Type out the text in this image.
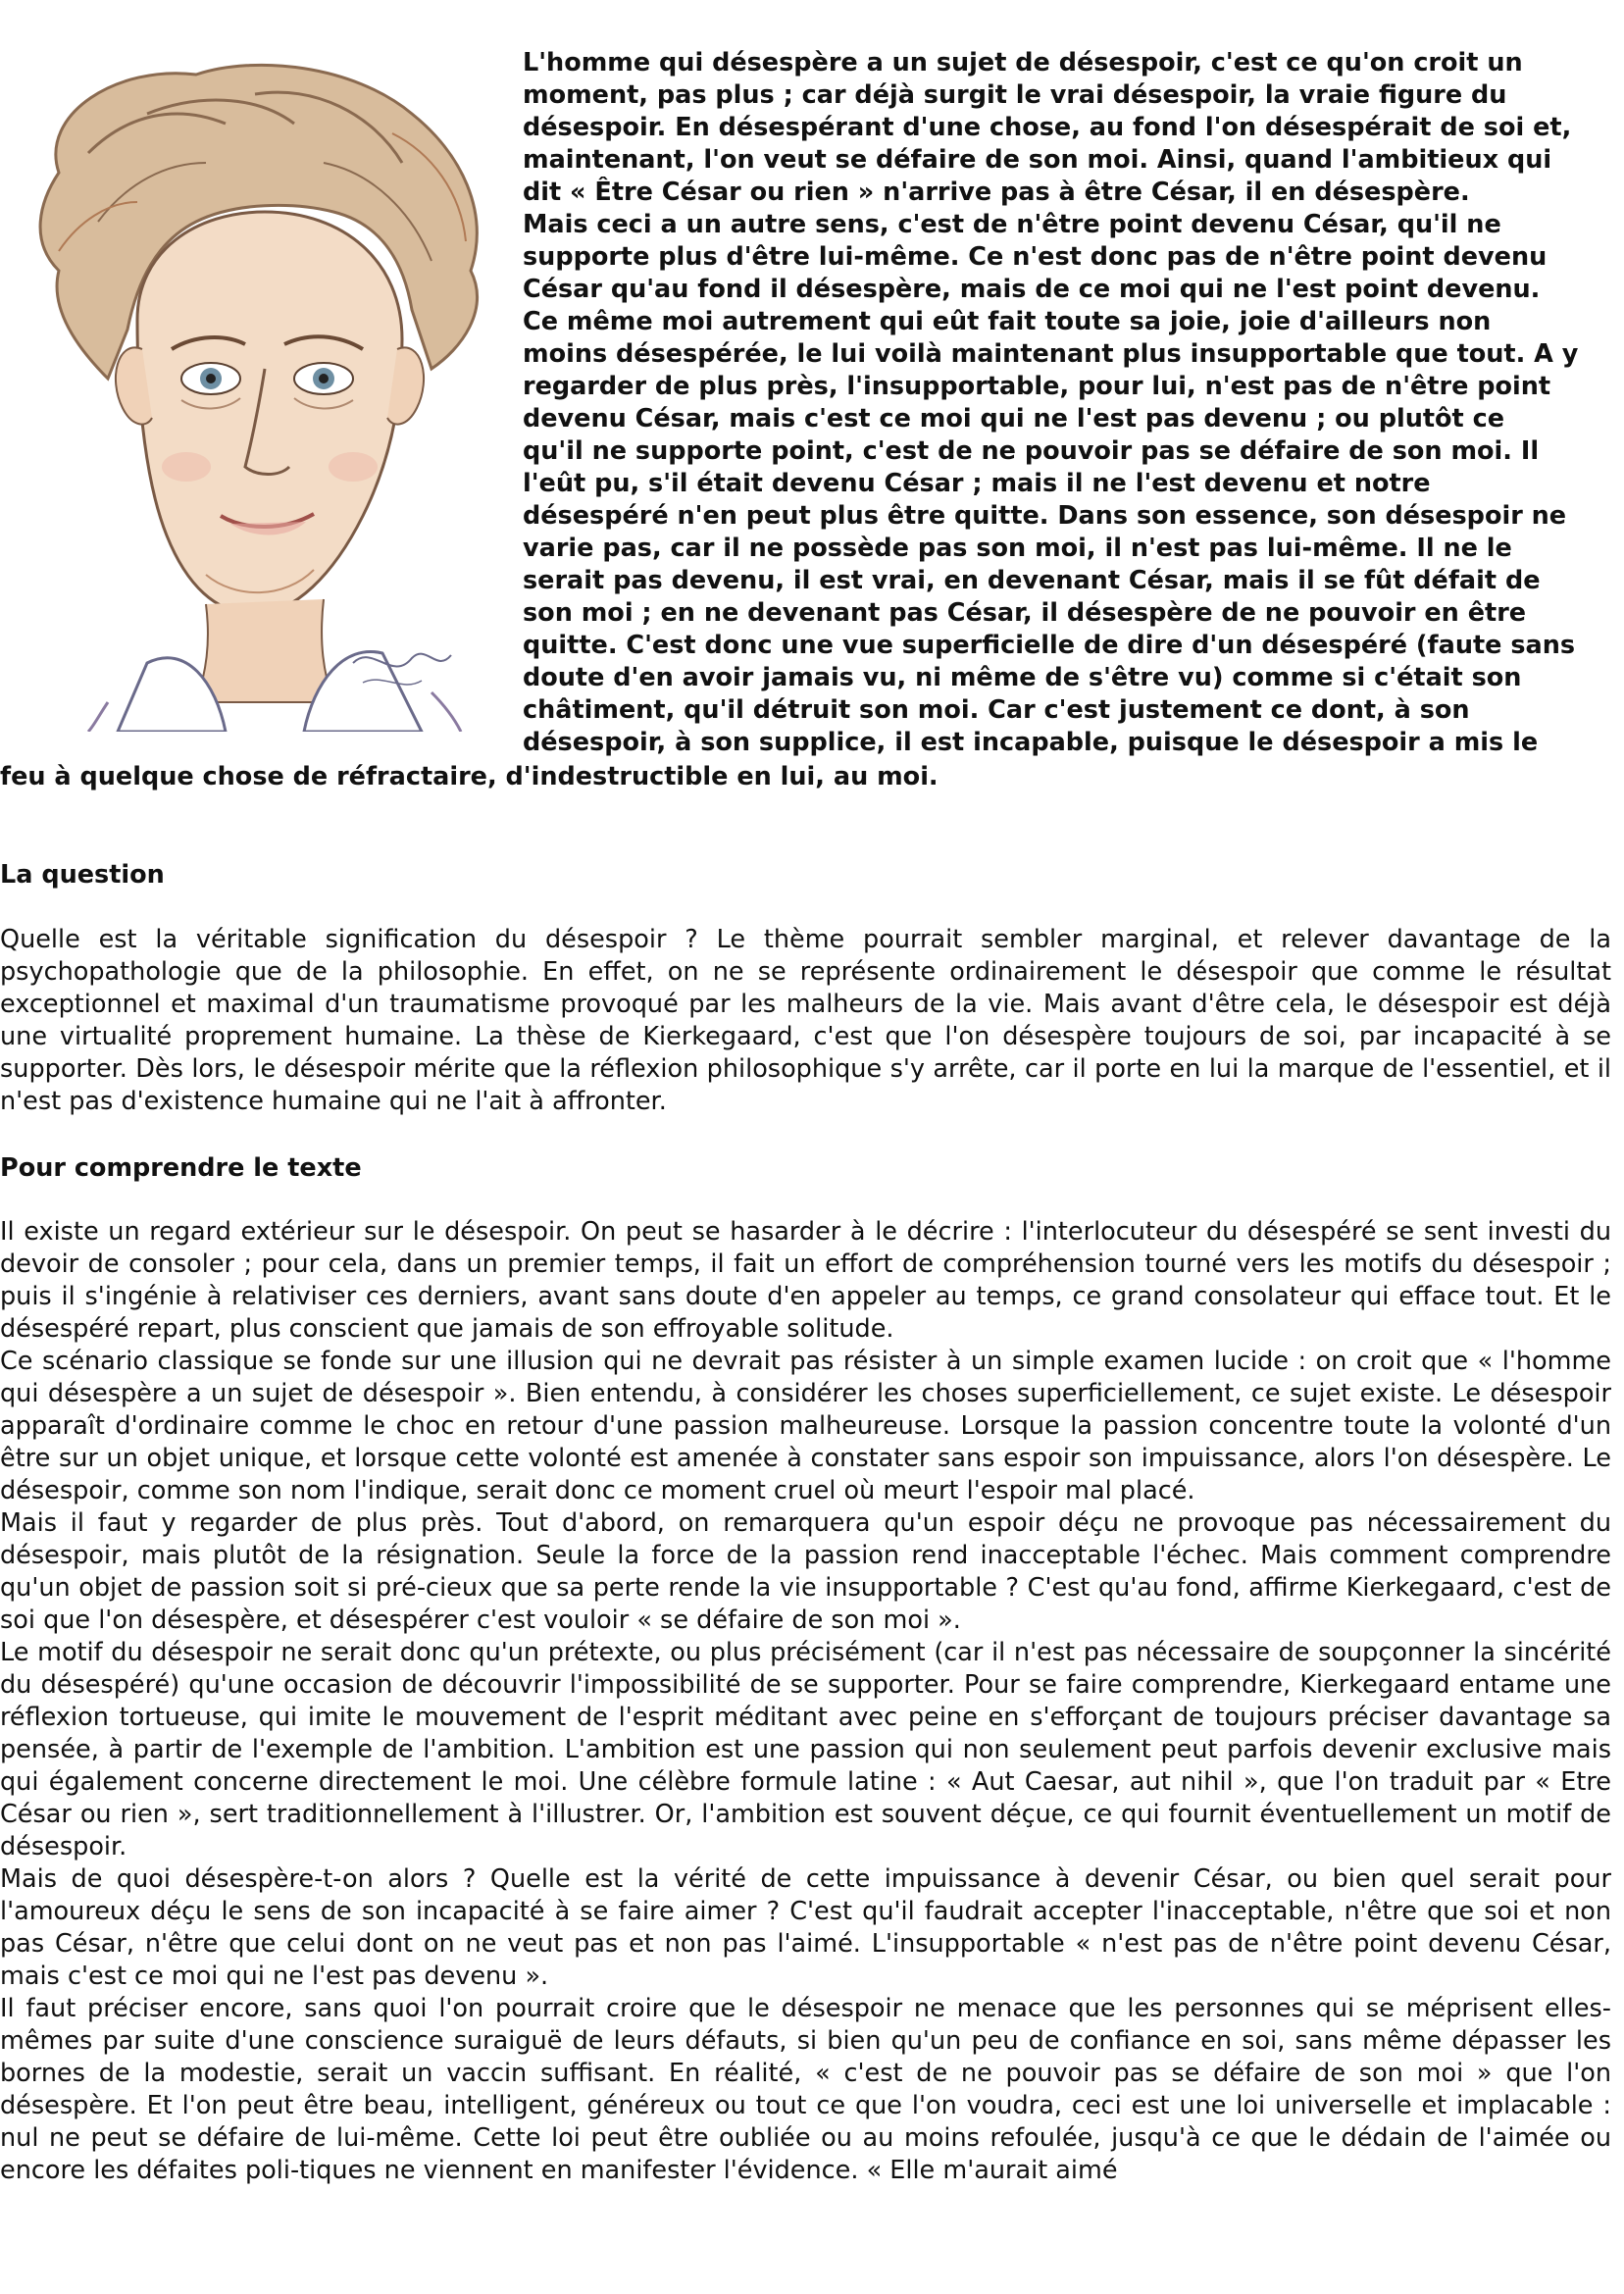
L'homme qui désespère a un sujet de désespoir, c'est ce qu'on croit un
moment, pas plus ; car déjà surgit le vrai désespoir, la vraie figure du
désespoir. En désespérant d'une chose, au fond l'on désespérait de soi et,
maintenant, l'on veut se défaire de son moi. Ainsi, quand l'ambitieux qui
dit « Être César ou rien » n'arrive pas à être César, il en désespère.
Mais ceci a un autre sens, c'est de n'être point devenu César, qu'il ne
supporte plus d'être lui-même. Ce n'est donc pas de n'être point devenu
César qu'au fond il désespère, mais de ce moi qui ne l'est point devenu.
Ce même moi autrement qui eût fait toute sa joie, joie d'ailleurs non
moins désespérée, le lui voilà maintenant plus insupportable que tout. A y
regarder de plus près, l'insupportable, pour lui, n'est pas de n'être point
devenu César, mais c'est ce moi qui ne l'est pas devenu ; ou plutôt ce
qu'il ne supporte point, c'est de ne pouvoir pas se défaire de son moi. Il
l'eût pu, s'il était devenu César ; mais il ne l'est devenu et notre
désespéré n'en peut plus être quitte. Dans son essence, son désespoir ne
varie pas, car il ne possède pas son moi, il n'est pas lui-même. Il ne le
serait pas devenu, il est vrai, en devenant César, mais il se fût défait de
son moi ; en ne devenant pas César, il désespère de ne pouvoir en être
quitte. C'est donc une vue superficielle de dire d'un désespéré (faute sans
doute d'en avoir jamais vu, ni même de s'être vu) comme si c'était son
châtiment, qu'il détruit son moi. Car c'est justement ce dont, à son
désespoir, à son supplice, il est incapable, puisque le désespoir a mis le
feu à quelque chose de réfractaire, d'indestructible en lui, au moi.
La question

Quelle est la véritable signification du désespoir ? Le thème pourrait sembler marginal, et relever davantage de la psychopathologie que de la philosophie. En effet, on ne se représente ordinairement le désespoir que comme le résultat exceptionnel et maximal d'un traumatisme provoqué par les malheurs de la vie. Mais avant d'être cela, le désespoir est déjà une virtualité proprement humaine. La thèse de Kierkegaard, c'est que l'on désespère toujours de soi, par incapacité à se supporter. Dès lors, le désespoir mérite que la réflexion philosophique s'y arrête, car il porte en lui la marque de l'essentiel, et il n'est pas d'existence humaine qui ne l'ait à affronter.

Pour comprendre le texte

Il existe un regard extérieur sur le désespoir. On peut se hasarder à le décrire : l'interlocuteur du désespéré se sent investi du devoir de consoler ; pour cela, dans un premier temps, il fait un effort de compréhension tourné vers les motifs du désespoir ; puis il s'ingénie à relativiser ces derniers, avant sans doute d'en appeler au temps, ce grand consolateur qui efface tout. Et le désespéré repart, plus conscient que jamais de son effroyable solitude.

Ce scénario classique se fonde sur une illusion qui ne devrait pas résister à un simple examen lucide : on croit que « l'homme qui désespère a un sujet de désespoir ». Bien entendu, à considérer les choses superficiellement, ce sujet existe. Le désespoir apparaît d'ordinaire comme le choc en retour d'une passion malheureuse. Lorsque la passion concentre toute la volonté d'un être sur un objet unique, et lorsque cette volonté est amenée à constater sans espoir son impuissance, alors l'on désespère. Le désespoir, comme son nom l'indique, serait donc ce moment cruel où meurt l'espoir mal placé.

Mais il faut y regarder de plus près. Tout d'abord, on remarquera qu'un espoir déçu ne provoque pas nécessairement du désespoir, mais plutôt de la résignation. Seule la force de la passion rend inacceptable l'échec. Mais comment comprendre qu'un objet de passion soit si pré-cieux que sa perte rende la vie insupportable ? C'est qu'au fond, affirme Kierkegaard, c'est de soi que l'on désespère, et désespérer c'est vouloir « se défaire de son moi ».

Le motif du désespoir ne serait donc qu'un prétexte, ou plus précisément (car il n'est pas nécessaire de soupçonner la sincérité du désespéré) qu'une occasion de découvrir l'impossibilité de se supporter. Pour se faire comprendre, Kierkegaard entame une réflexion tortueuse, qui imite le mouvement de l'esprit méditant avec peine en s'efforçant de toujours préciser davantage sa pensée, à partir de l'exemple de l'ambition. L'ambition est une passion qui non seulement peut parfois devenir exclusive mais qui également concerne directement le moi. Une célèbre formule latine : « Aut Caesar, aut nihil », que l'on traduit par « Etre César ou rien », sert traditionnellement à l'illustrer. Or, l'ambition est souvent déçue, ce qui fournit éventuellement un motif de désespoir.

Mais de quoi désespère-t-on alors ? Quelle est la vérité de cette impuissance à devenir César, ou bien quel serait pour l'amoureux déçu le sens de son incapacité à se faire aimer ? C'est qu'il faudrait accepter l'inacceptable, n'être que soi et non pas César, n'être que celui dont on ne veut pas et non pas l'aimé. L'insupportable « n'est pas de n'être point devenu César, mais c'est ce moi qui ne l'est pas devenu ».

Il faut préciser encore, sans quoi l'on pourrait croire que le désespoir ne menace que les personnes qui se méprisent elles-mêmes par suite d'une conscience suraiguë de leurs défauts, si bien qu'un peu de confiance en soi, sans même dépasser les bornes de la modestie, serait un vaccin suffisant. En réalité, « c'est de ne pouvoir pas se défaire de son moi » que l'on désespère. Et l'on peut être beau, intelligent, généreux ou tout ce que l'on voudra, ceci est une loi universelle et implacable : nul ne peut se défaire de lui-même. Cette loi peut être oubliée ou au moins refoulée, jusqu'à ce que le dédain de l'aimée ou encore les défaites poli-tiques ne viennent en manifester l'évidence. « Elle m'aurait aimé
